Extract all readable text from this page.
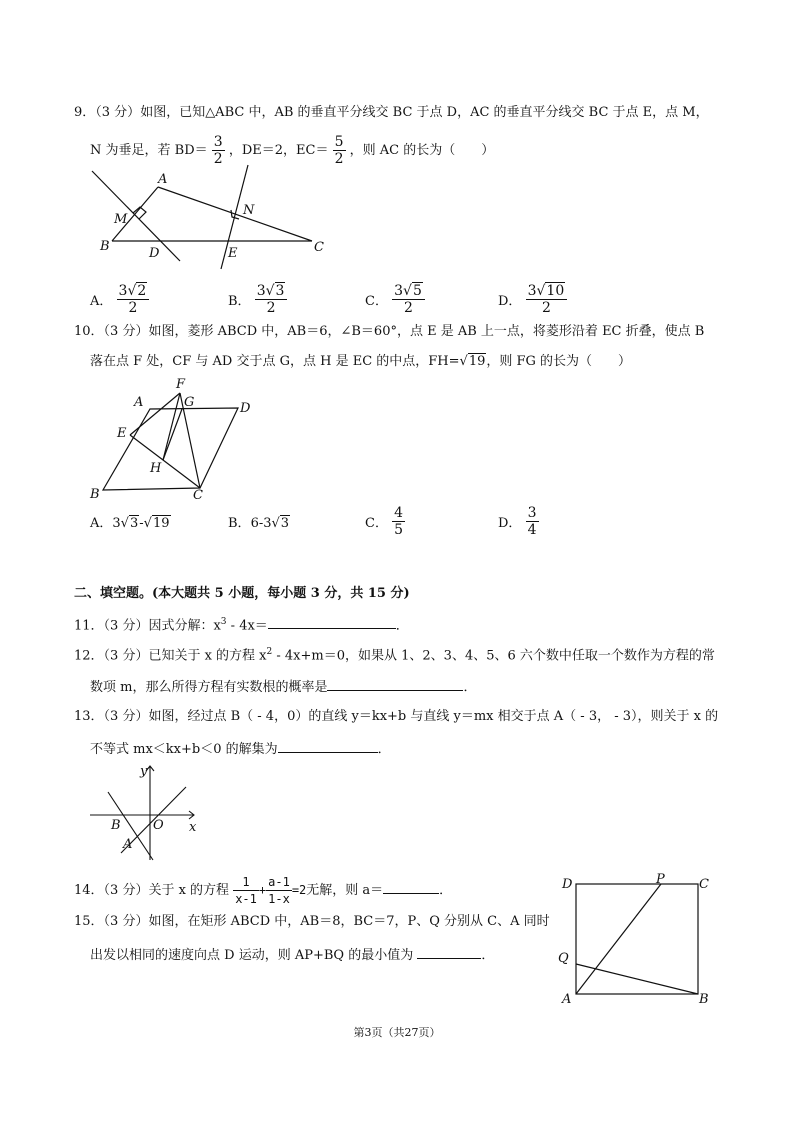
9．（3 分）如图，已知△ABC 中，AB 的垂直平分线交 BC 于点 D，AC 的垂直平分线交 BC 于点 E，点 M，
N 为垂足，若 $BD= \frac{3}{2}$ ，DE＝2，$EC= \frac{5}{2}$ ，则 AC 的长为（　　）
A
M
N
B	D	E	C
A． $\frac{3√2}{2}$	B． $\frac{3√3}{2}$	C． $\frac{3√5}{2}$	D． $\frac{3√10}{2}$
10．（3 分）如图，菱形 ABCD 中，AB＝6，∠B＝60°，点 E 是 AB 上一点，将菱形沿着 EC 折叠，使点 B
落在点 F 处，CF 与 AD 交于点 G，点 H 是 EC 的中点，FH=√19，则 FG 的长为（　　）
F
A	G	D
E
H
B	C
A．3√3-√19	B．6-3√3	C． $\frac{4}{5}$	D． $\frac{3}{4}$
二、填空题。(本大题共 5 小题，每小题 3 分，共 15 分)
11．（3 分）因式分解：$x^3 - 4x=$	．
12．（3 分）已知关于 x 的方程 $x^2 - 4x+m=0$，如果从 1、2、3、4、5、6 六个数中任取一个数作为方程的常
数项 m，那么所得方程有实数根的概率是	．
13．（3 分）如图，经过点 B（ - 4，0）的直线 y＝kx+b 与直线 y＝mx 相交于点 A（ - 3， - 3），则关于 x 的
不等式 mx＜kx+b＜0 的解集为	．
y
x
B O
A
14．（3 分）关于 x 的方程 $\frac{1}{x-1} + \frac{a-1}{1-x} =2$无解，则 a＝	．
15．（3 分）如图，在矩形 ABCD 中，AB＝8，BC＝7，P、Q 分别从 C、A 同时
出发以相同的速度向点 D 运动，则 AP+BQ 的最小值为	．
D	P	C
Q
A	B
第3页（共27页）
